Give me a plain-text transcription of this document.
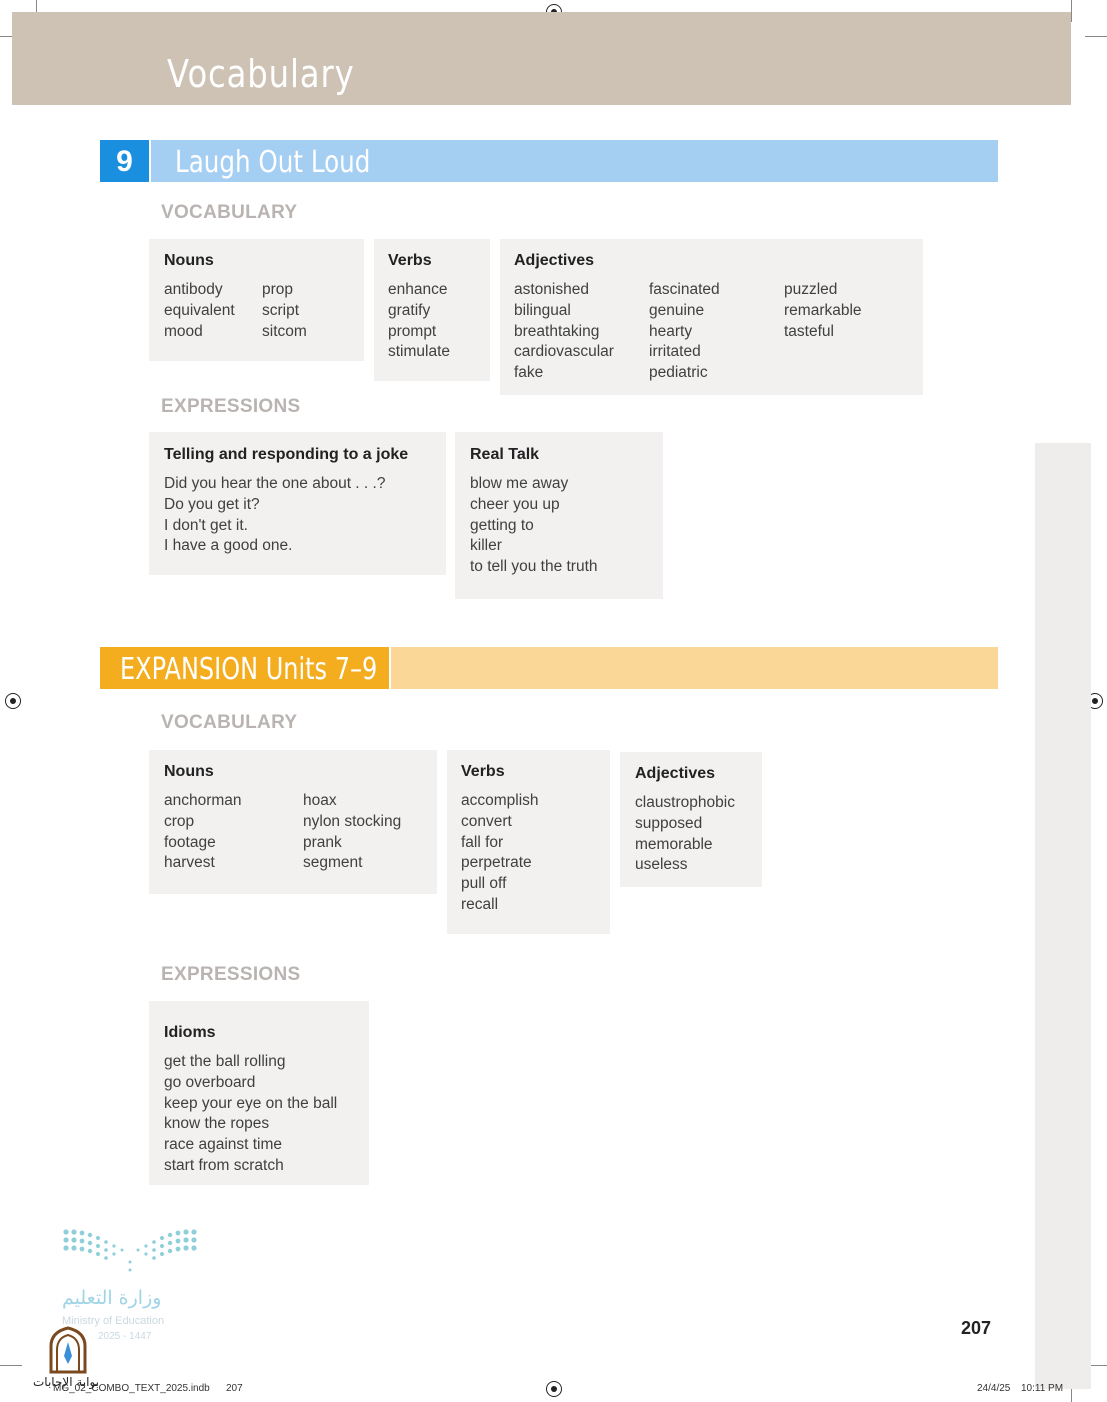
Vocabulary
9	Laugh Out Loud
VOCABULARY
Nouns
antibody
equivalent
mood
prop
script
sitcom
Verbs
enhance
gratify
prompt
stimulate
Adjectives
astonished
bilingual
breathtaking
cardiovascular
fake
fascinated
genuine
hearty
irritated
pediatric
puzzled
remarkable
tasteful
EXPRESSIONS
Telling and responding to a joke
Did you hear the one about . . .?
Do you get it?
I don't get it.
I have a good one.
Real Talk
blow me away
cheer you up
getting to
killer
to tell you the truth
EXPANSION Units 7–9
VOCABULARY
Nouns
anchorman
crop
footage
harvest
hoax
nylon stocking
prank
segment
Verbs
accomplish
convert
fall for
perpetrate
pull off
recall
Adjectives
claustrophobic
supposed
memorable
useless
EXPRESSIONS
Idioms
get the ball rolling
go overboard
keep your eye on the ball
know the ropes
race against time
start from scratch
وزارة التعليم
Ministry of Education
2025 - 1447
بوابة الإجابات
207
MG_02_COMBO_TEXT_2025.indb 207	24/4/25 10:11 PM
